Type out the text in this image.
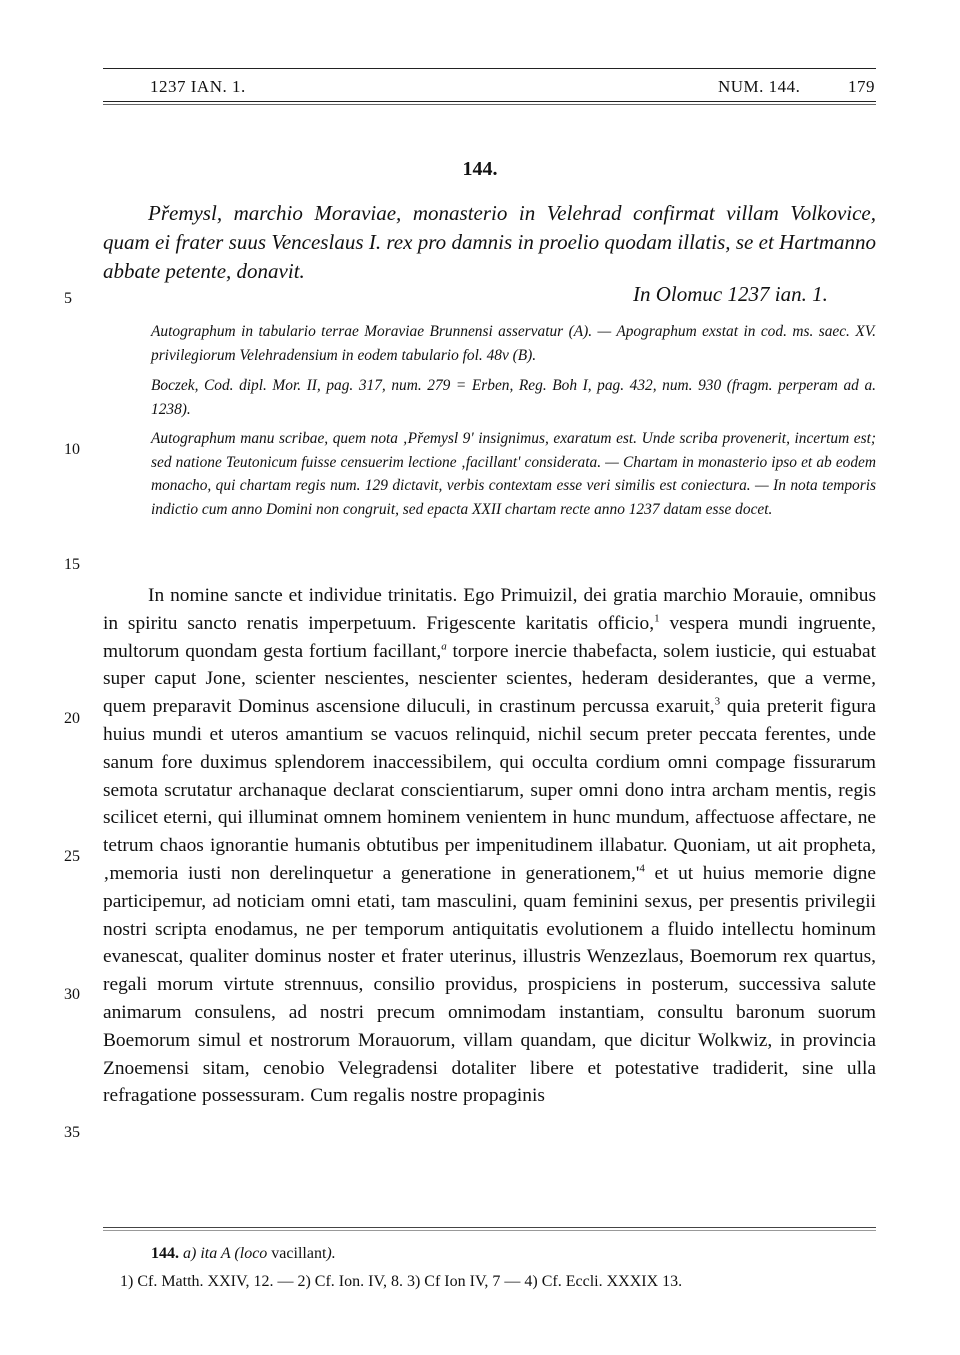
1237 IAN. 1.	NUM. 144.	179
144.

Přemysl, marchio Moraviae, monasterio in Velehrad confirmat villam Volkovice, quam ei frater suus Venceslaus I. rex pro damnis in proelio quodam illatis, se et Hartmanno abbate petente, donavit.

In Olomuc 1237 ian. 1.

Autographum in tabulario terrae Moraviae Brunnensi asservatur (A). — Apographum exstat in cod. ms. saec. XV. privilegiorum Velehradensium in eodem tabulario fol. 48v (B).

Boczek, Cod. dipl. Mor. II, pag. 317, num. 279 = Erben, Reg. Boh I, pag. 432, num. 930 (fragm. perperam ad a. 1238).

Autographum manu scribae, quem nota ‚Přemysl 9' insignimus, exaratum est. Unde scriba provenerit, incertum est; sed natione Teutonicum fuisse censuerim lectione ‚facillant' considerata. — Chartam in monasterio ipso et ab eodem monacho, qui chartam regis num. 129 dictavit, verbis contextam esse veri similis est coniectura. — In nota temporis indictio cum anno Domini non congruit, sed epacta XXII chartam recte anno 1237 datam esse docet.

In nomine sancte et individue trinitatis. Ego Primuizil, dei gratia marchio Morauie, omnibus in spiritu sancto renatis imperpetuum. Frigescente karitatis officio,$^1$ vespera mundi ingruente, multorum quondam gesta fortium facillant,$^a$ torpore inercie thabefacta, solem iusticie, qui estuabat super caput Jone, scienter nescientes, nescienter scientes, hederam desiderantes, que a verme, quem preparavit Dominus ascensione diluculi, in crastinum percussa exaruit,$^3$ quia preterit figura huius mundi et uteros amantium se vacuos relinquid, nichil secum preter peccata ferentes, unde sanum fore duximus splendorem inaccessibilem, qui occulta cordium omni compage fissurarum semota scrutatur archanaque declarat conscientiarum, super omni dono intra archam mentis, regis scilicet eterni, qui illuminat omnem hominem venientem in hunc mundum, affectuose affectare, ne tetrum chaos ignorantie humanis obtutibus per impenitudinem illabatur. Quoniam, ut ait propheta, ‚memoria iusti non derelinquetur a generatione in $generationem,'^4$ et ut huius memorie digne participemur, ad noticiam omni etati, tam masculini, quam feminini sexus, per presentis privilegii nostri scripta enodamus, ne per temporum antiquitatis evolutionem a fluido intellectu hominum evanescat, qualiter dominus noster et frater uterinus, illustris Wenzezlaus, Boemorum rex quartus, regali morum virtute strennuus, consilio providus, prospiciens in posterum, successiva salute animarum consulens, ad nostri precum omnimodam instantiam, consultu baronum suorum Boemorum simul et nostrorum Morauorum, villam quandam, que dicitur Wolkwiz, in provincia Znoemensi sitam, cenobio Velegradensi dotaliter libere et potestative tradiderit, sine ulla refragatione possessuram. Cum regalis nostre propaginis

5
10
15
20
25
30
35
144. a) ita A (loco vacillant).
1) Cf. Matth. XXIV, 12. — 2) Cf. Ion. IV, 8. 3) Cf Ion IV, 7 — 4) Cf. Eccli. XXXIX 13.
